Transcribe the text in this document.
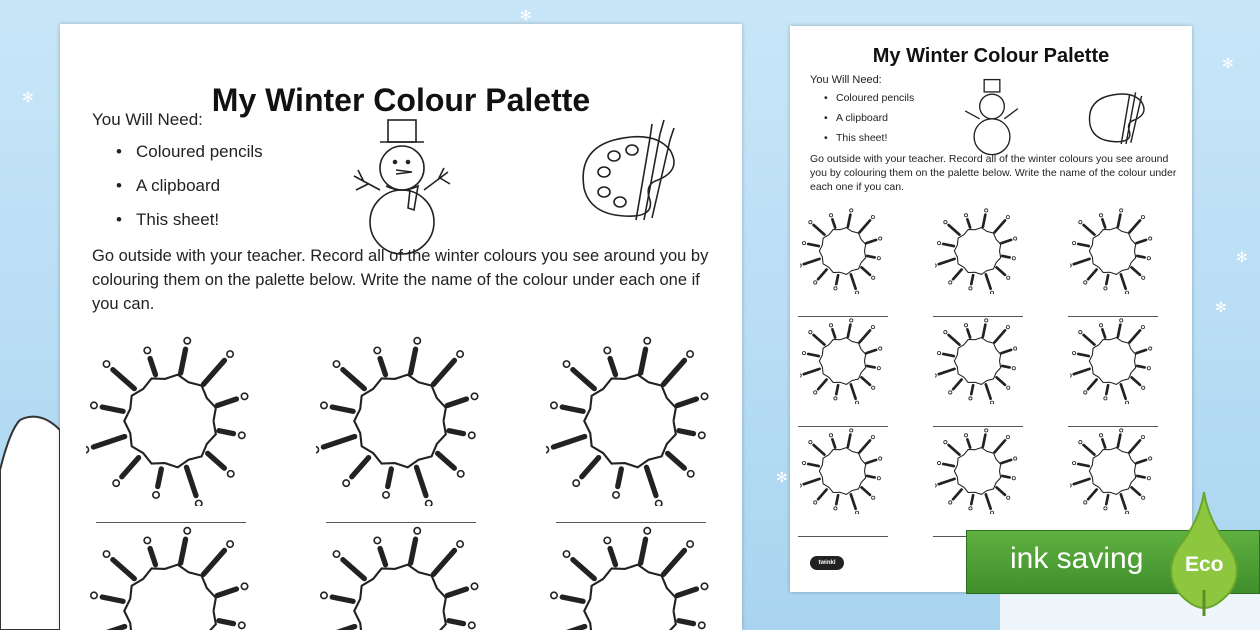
✻
✻
✻
✻
✻
✻
My Winter Colour Palette

You Will Need:

• Coloured pencils
• A clipboard
• This sheet!

Go outside with your teacher. Record all of the winter colours you see around you by colouring them on the palette below. Write the name of the colour under each one if you can.

My Winter Colour Palette

You Will Need:

• Coloured pencils
• A clipboard
• This sheet!

Go outside with your teacher. Record all of the winter colours you see around you by colouring them on the palette below. Write the name of the colour under each one if you can.

twinkl	ink saving Eco
